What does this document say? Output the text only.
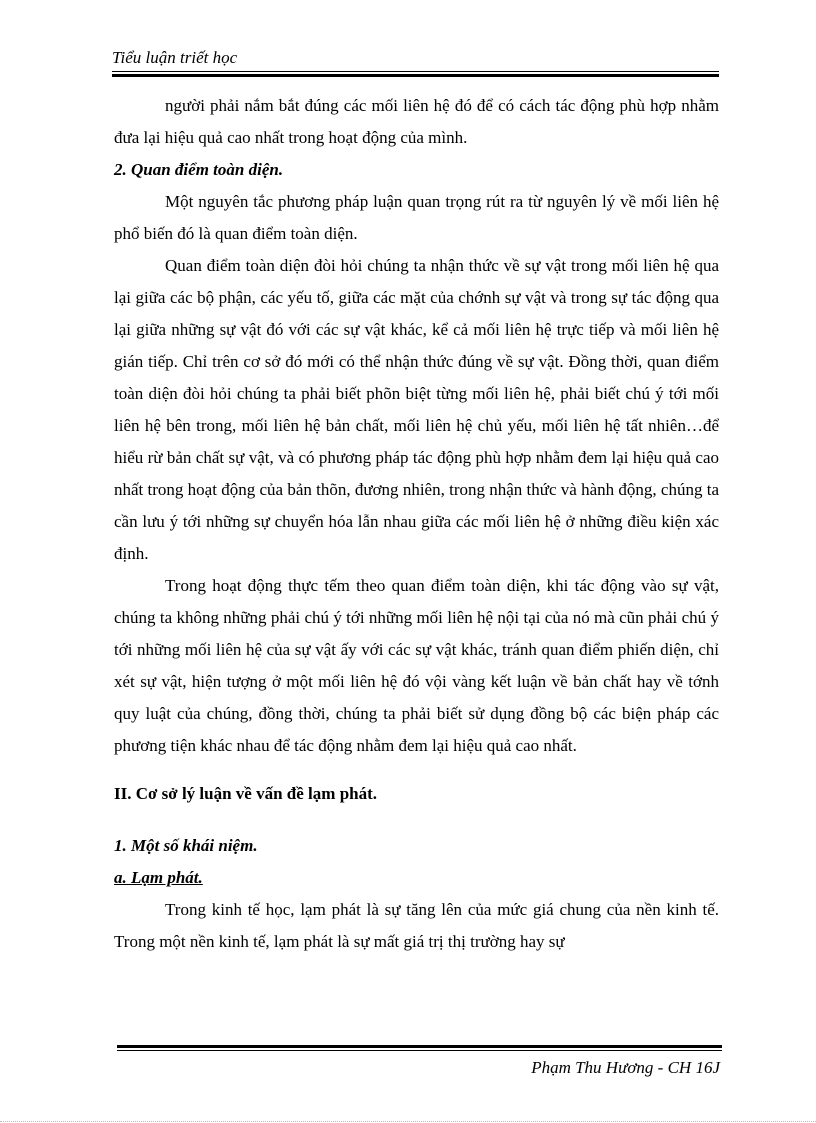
Tiểu luận triết học

người phải nắm bắt đúng các mối liên hệ đó để có cách tác động phù hợp nhằm đưa lại hiệu quả cao nhất trong hoạt động của mình.

2. Quan điểm toàn diện.

Một nguyên tắc phương pháp luận quan trọng rút ra từ nguyên lý về mối liên hệ phổ biến đó là quan điểm toàn diện.

Quan điểm toàn diện đòi hỏi chúng ta nhận thức về sự vật trong mối liên hệ qua lại giữa các bộ phận, các yếu tố, giữa các mặt của chớnh sự vật và trong sự tác động qua lại giữa những sự vật đó với các sự vật khác, kể cả mối liên hệ trực tiếp và mối liên hệ gián tiếp. Chỉ trên cơ sở đó mới có thể nhận thức đúng về sự vật. Đồng thời, quan điểm toàn diện đòi hỏi chúng ta phải biết phõn biệt từng mối liên hệ, phải biết chú ý tới mối liên hệ bên trong, mối liên hệ bản chất, mối liên hệ chủ yếu, mối liên hệ tất nhiên…để hiểu rừ bản chất sự vật, và có phương pháp tác động phù hợp nhằm đem lại hiệu quả cao nhất trong hoạt động của bản thõn, đương nhiên, trong nhận thức và hành động, chúng ta cần lưu ý tới những sự chuyển hóa lẫn nhau giữa các mối liên hệ ở những điều kiện xác định.

Trong hoạt động thực tếm theo quan điểm toàn diện, khi tác động vào sự vật, chúng ta không những phải chú ý tới những mối liên hệ nội tại của nó mà cũn phải chú ý tới những mối liên hệ của sự vật ấy với các sự vật khác, tránh quan điểm phiến diện, chỉ xét sự vật, hiện tượng ở một mối liên hệ đó vội vàng kết luận về bản chất hay về tớnh quy luật của chúng, đồng thời, chúng ta phải biết sử dụng đồng bộ các biện pháp các phương tiện khác nhau để tác động nhằm đem lại hiệu quả cao nhất.

II. Cơ sở lý luận về vấn đề lạm phát.

1. Một số khái niệm.

a. Lạm phát.

Trong kinh tế học, lạm phát là sự tăng lên của mức giá chung của nền kinh tế. Trong một nền kinh tế, lạm phát là sự mất giá trị thị trường hay sự

Phạm Thu Hương - CH 16J
